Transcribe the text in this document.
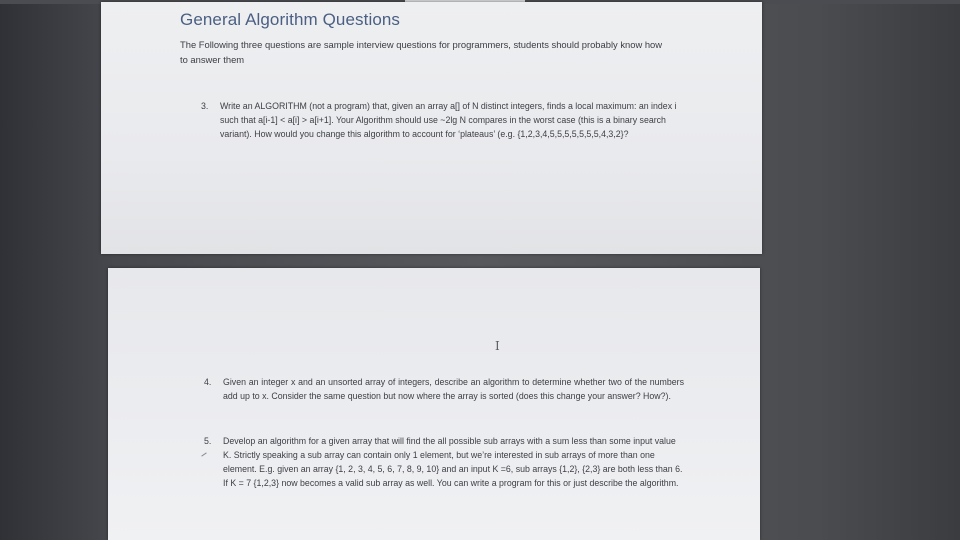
General Algorithm Questions
The Following three questions are sample interview questions for programmers, students should probably know how to answer them
3. Write an ALGORITHM (not a program) that, given an array a[] of N distinct integers, finds a local maximum: an index i such that a[i-1] < a[i] > a[i+1]. Your Algorithm should use ~2lg N compares in the worst case (this is a binary search variant). How would you change this algorithm to account for ‘plateaus’ (e.g. {1,2,3,4,5,5,5,5,5,5,5,4,3,2}?
I
4. Given an integer x and an unsorted array of integers, describe an algorithm to determine whether two of the numbers add up to x. Consider the same question but now where the array is sorted (does this change your answer? How?).
5. Develop an algorithm for a given array that will find the all possible sub arrays with a sum less than some input value K. Strictly speaking a sub array can contain only 1 element, but we’re interested in sub arrays of more than one element. E.g. given an array {1, 2, 3, 4, 5, 6, 7, 8, 9, 10} and an input K =6, sub arrays {1,2}, {2,3} are both less than 6. If K = 7 {1,2,3} now becomes a valid sub array as well. You can write a program for this or just describe the algorithm.
